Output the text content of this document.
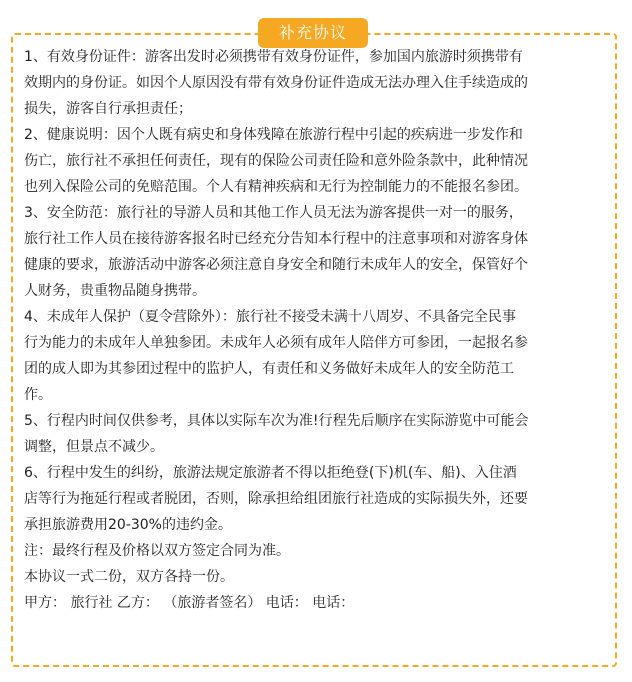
补充协议

1、有效身份证件：游客出发时必须携带有效身份证件，参加国内旅游时须携带有

效期内的身份证。如因个人原因没有带有效身份证件造成无法办理入住手续造成的

损失，游客自行承担责任；

2、健康说明：因个人既有病史和身体残障在旅游行程中引起的疾病进一步发作和

伤亡，旅行社不承担任何责任，现有的保险公司责任险和意外险条款中，此种情况

也列入保险公司的免赔范围。个人有精神疾病和无行为控制能力的不能报名参团。

3、安全防范：旅行社的导游人员和其他工作人员无法为游客提供一对一的服务，

旅行社工作人员在接待游客报名时已经充分告知本行程中的注意事项和对游客身体

健康的要求，旅游活动中游客必须注意自身安全和随行未成年人的安全，保管好个

人财务，贵重物品随身携带。

4、未成年人保护（夏令营除外）：旅行社不接受未满十八周岁、不具备完全民事

行为能力的未成年人单独参团。未成年人必须有成年人陪伴方可参团，一起报名参

团的成人即为其参团过程中的监护人，有责任和义务做好未成年人的安全防范工

作。

5、行程内时间仅供参考，具体以实际车次为准!行程先后顺序在实际游览中可能会

调整，但景点不减少。

6、行程中发生的纠纷，旅游法规定旅游者不得以拒绝登(下)机(车、船)、入住酒

店等行为拖延行程或者脱团，否则，除承担给组团旅行社造成的实际损失外，还要

承担旅游费用20-30%的违约金。

注：最终行程及价格以双方签定合同为准。

本协议一式二份，双方各持一份。

甲方： 旅行社 乙方： （旅游者签名） 电话： 电话：
